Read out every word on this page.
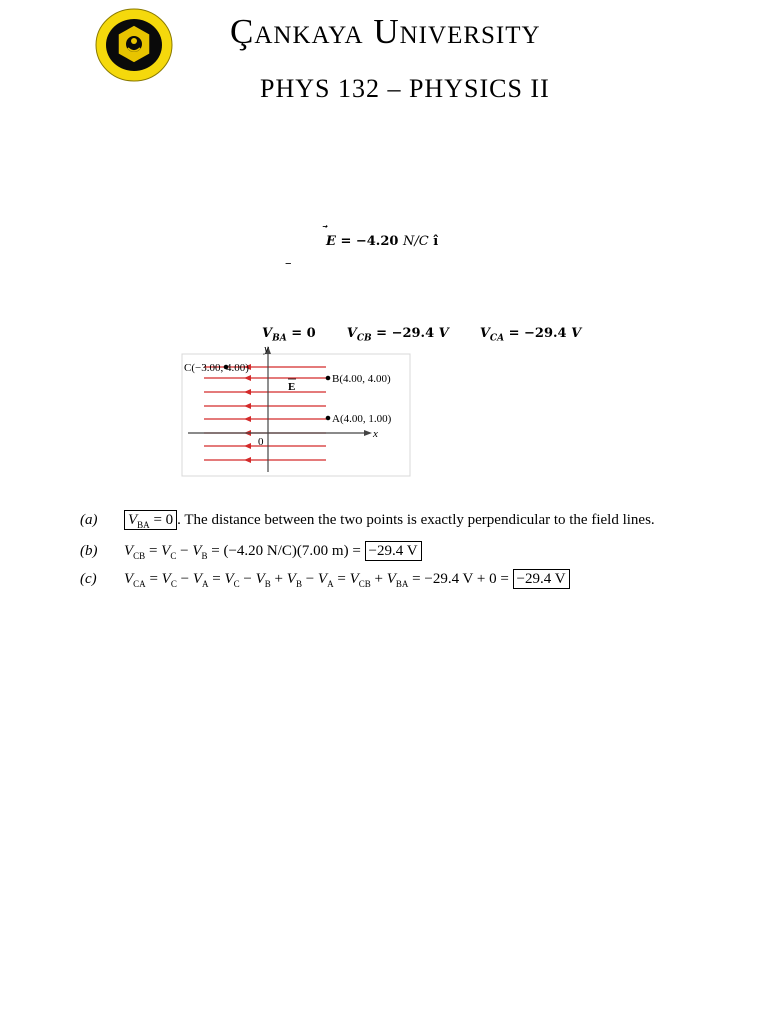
Çankaya University
PHYS 132 – PHYSICS II
E = −4.20 N/C î
–
$V_{BA} = 0$ $V_{CB} = -29.4$ V $V_{CA} = -29.4$ V
y
x
0
E
C(−3.00, 4.00)
B(4.00, 4.00)
A(4.00, 1.00)
(a) $V_{BA} = 0$ . The distance between the two points is exactly perpendicular to the field lines.
(b) $V_{CB} = V_C - V_B = (-4.20$ N/C)(7.00 m) = −29.4 V
(c) $V_{CA} = V_C - V_A = V_C - V_B + V_B - V_A = V_{CB} + V_{BA} = -29.4$ V + 0 = −29.4 V
